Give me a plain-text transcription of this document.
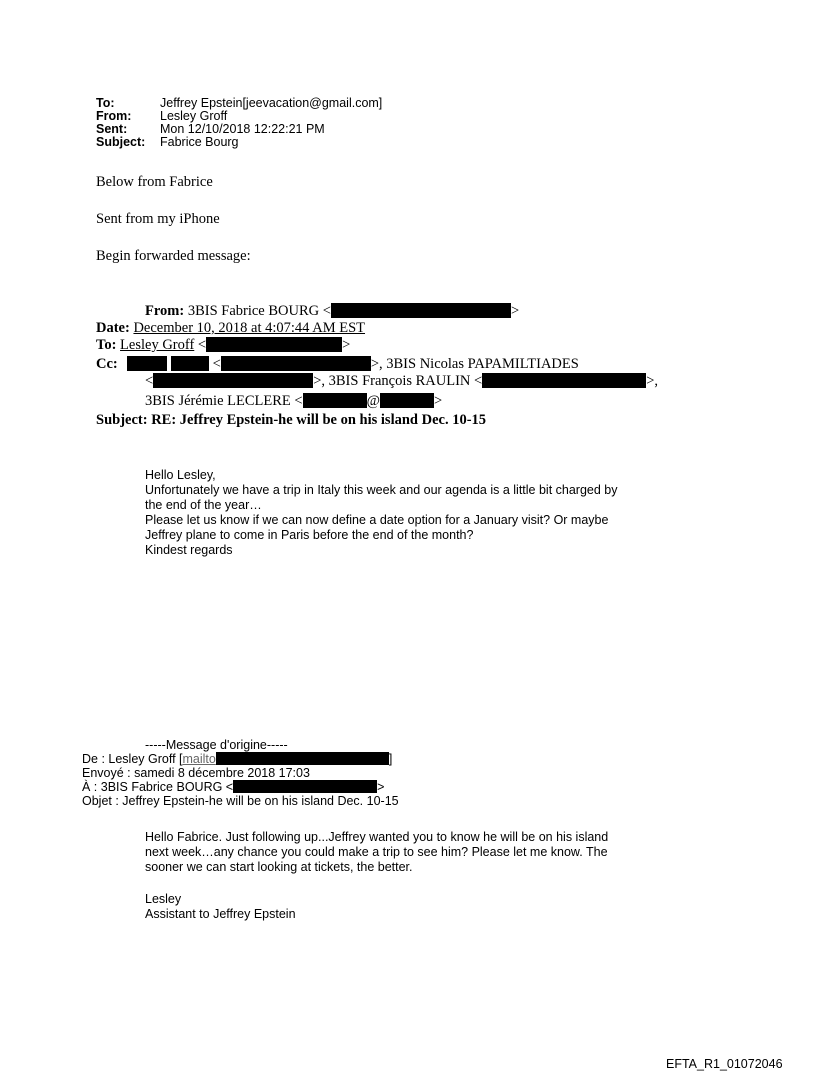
To:	Jeffrey Epstein[jeevacation@gmail.com]
From: Lesley Groff
Sent:	Mon 12/10/2018 12:22:21 PM
Subject: Fabrice Bourg
Below from Fabrice
Sent from my iPhone
Begin forwarded message:
From: 3BIS Fabrice BOURG <	>
Date: December 10, 2018 at 4:07:44 AM EST
To: Lesley Groff <	>
Cc:	<	>, 3BIS Nicolas PAPAMILTIADES
<	>, 3BIS François RAULIN <	>,
3BIS Jérémie LECLERE <	@	>
Subject: RE: Jeffrey Epstein-he will be on his island Dec. 10-15
Hello Lesley,
Unfortunately we have a trip in Italy this week and our agenda is a little bit charged by
the end of the year…
Please let us know if we can now define a date option for a January visit? Or maybe
Jeffrey plane to come in Paris before the end of the month?
Kindest regards
-----Message d'origine-----
De : Lesley Groff [mailto	]
Envoyé : samedi 8 décembre 2018 17:03
À : 3BIS Fabrice BOURG <	>
Objet : Jeffrey Epstein-he will be on his island Dec. 10-15
Hello Fabrice. Just following up...Jeffrey wanted you to know he will be on his island
next week…any chance you could make a trip to see him? Please let me know. The
sooner we can start looking at tickets, the better.
Lesley
Assistant to Jeffrey Epstein
EFTA_R1_01072046
